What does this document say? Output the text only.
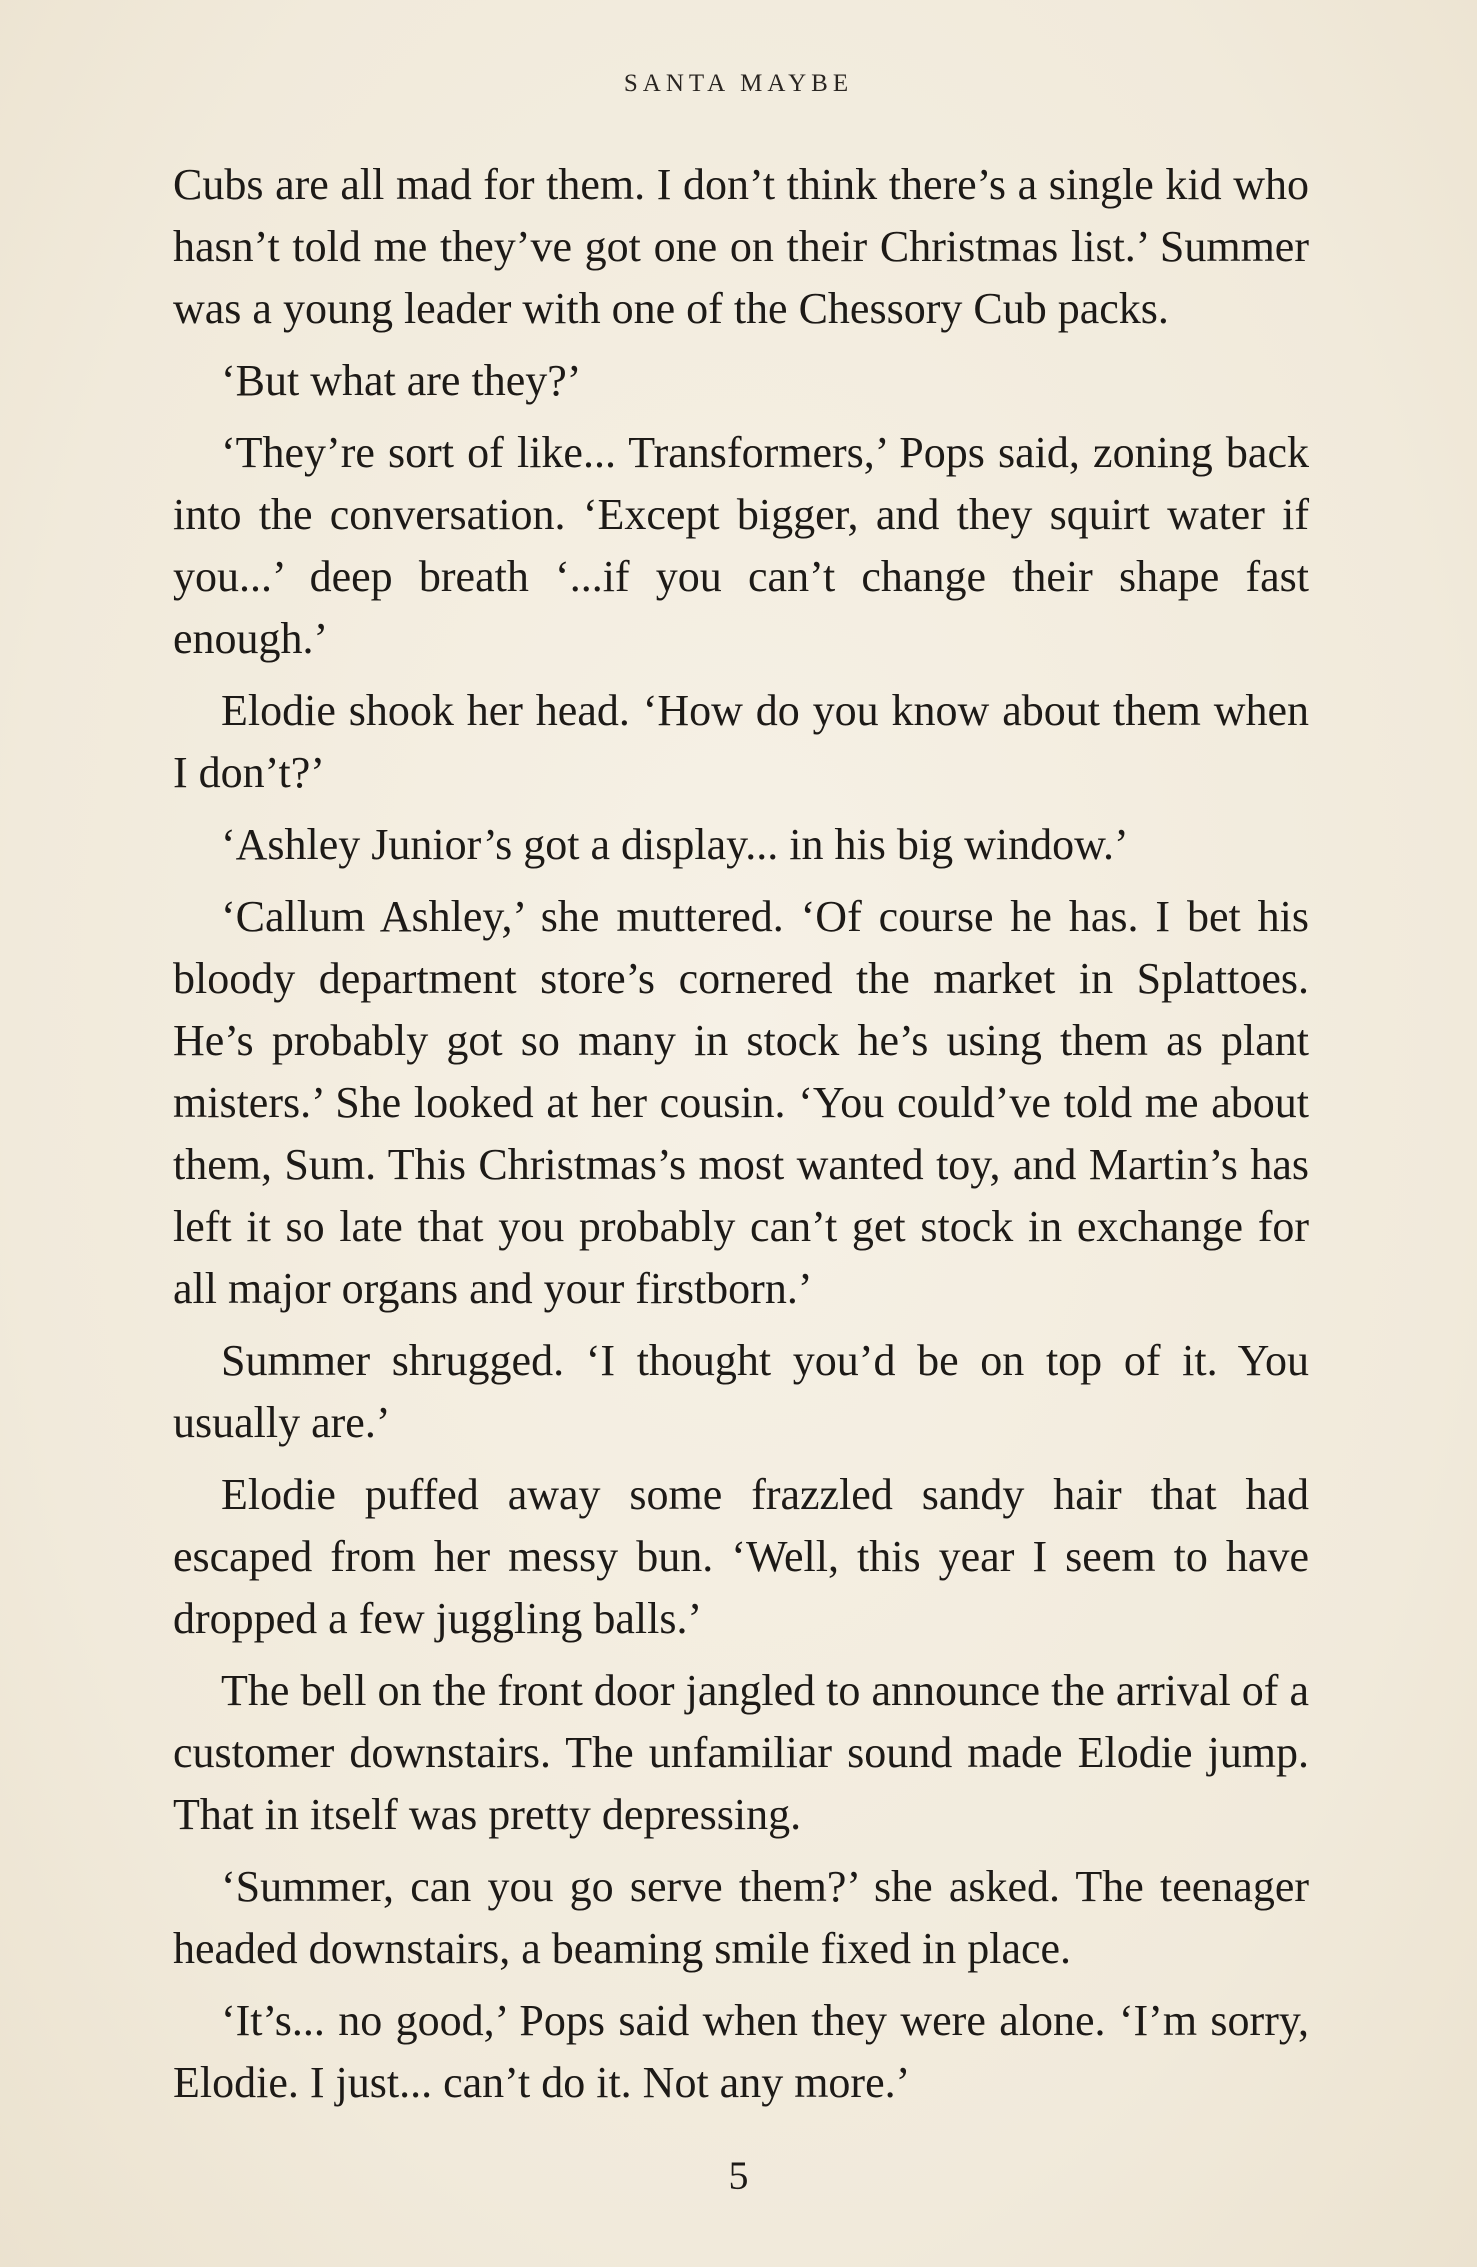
SANTA MAYBE

Cubs are all mad for them. I don’t think there’s a single kid who hasn’t told me they’ve got one on their Christmas list.’ Summer was a young leader with one of the Chessory Cub packs.

‘But what are they?’

‘They’re sort of like... Transformers,’ Pops said, zoning back into the conversation. ‘Except bigger, and they squirt water if you...’ deep breath ‘...if you can’t change their shape fast enough.’

Elodie shook her head. ‘How do you know about them when I don’t?’

‘Ashley Junior’s got a display... in his big window.’

‘Callum Ashley,’ she muttered. ‘Of course he has. I bet his bloody department store’s cornered the market in Splattoes. He’s probably got so many in stock he’s using them as plant misters.’ She looked at her cousin. ‘You could’ve told me about them, Sum. This Christmas’s most wanted toy, and Martin’s has left it so late that you probably can’t get stock in exchange for all major organs and your firstborn.’

Summer shrugged. ‘I thought you’d be on top of it. You usually are.’

Elodie puffed away some frazzled sandy hair that had escaped from her messy bun. ‘Well, this year I seem to have dropped a few juggling balls.’

The bell on the front door jangled to announce the arrival of a customer downstairs. The unfamiliar sound made Elodie jump. That in itself was pretty depressing.

‘Summer, can you go serve them?’ she asked. The teenager headed downstairs, a beaming smile fixed in place.

‘It’s... no good,’ Pops said when they were alone. ‘I’m sorry, Elodie. I just... can’t do it. Not any more.’

5
